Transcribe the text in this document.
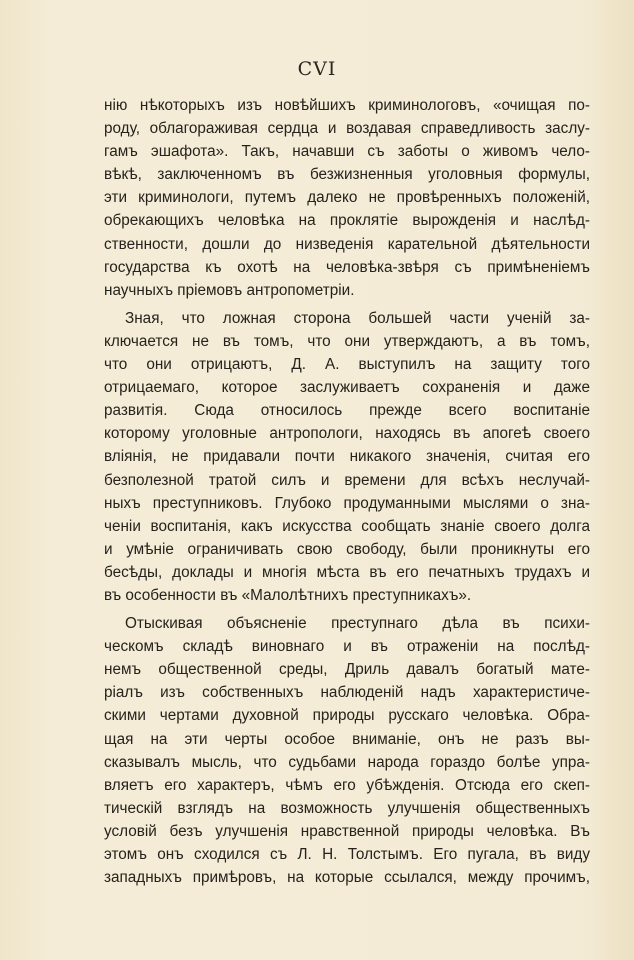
CVI
нію нѣкоторыхъ изъ новѣйшихъ криминологовъ, «очищая по-
роду, облагораживая сердца и воздавая справедливость заслу-
гамъ эшафота». Такъ, начавши съ заботы о живомъ чело-
вѣкѣ, заключенномъ въ безжизненныя уголовныя формулы,
эти криминологи, путемъ далеко не провѣренныхъ положеній,
обрекающихъ человѣка на проклятіе вырожденія и наслѣд-
ственности, дошли до низведенія карательной дѣятельности
государства къ охотѣ на человѣка-звѣря съ примѣненіемъ
научныхъ пріемовъ антропометріи.
Зная, что ложная сторона большей части ученій за-
ключается не въ томъ, что они утверждаютъ, а въ томъ,
что они отрицаютъ, Д. А. выступилъ на защиту того
отрицаемаго, которое заслуживаетъ сохраненія и даже
развитія. Сюда относилось прежде всего воспитаніе
которому уголовные антропологи, находясь въ апогеѣ своего
вліянія, не придавали почти никакого значенія, считая его
безполезной тратой силъ и времени для всѣхъ неслучай-
ныхъ преступниковъ. Глубоко продуманными мыслями о зна-
ченіи воспитанія, какъ искусства сообщать знаніе своего долга
и умѣніе ограничивать свою свободу, были проникнуты его
бесѣды, доклады и многія мѣста въ его печатныхъ трудахъ и
въ особенности въ «Малолѣтнихъ преступникахъ».
Отыскивая объясненіе преступнаго дѣла въ психи-
ческомъ складѣ виновнаго и въ отраженіи на послѣд-
немъ общественной среды, Дриль давалъ богатый мате-
ріалъ изъ собственныхъ наблюденій надъ характеристиче-
скими чертами духовной природы русскаго человѣка. Обра-
щая на эти черты особое вниманіе, онъ не разъ вы-
сказывалъ мысль, что судьбами народа гораздо болѣе упра-
вляетъ его характеръ, чѣмъ его убѣжденія. Отсюда его скеп-
тическій взглядъ на возможность улучшенія общественныхъ
условій безъ улучшенія нравственной природы человѣка. Въ
этомъ онъ сходился съ Л. Н. Толстымъ. Его пугала, въ виду
западныхъ примѣровъ, на которые ссылался, между прочимъ,
